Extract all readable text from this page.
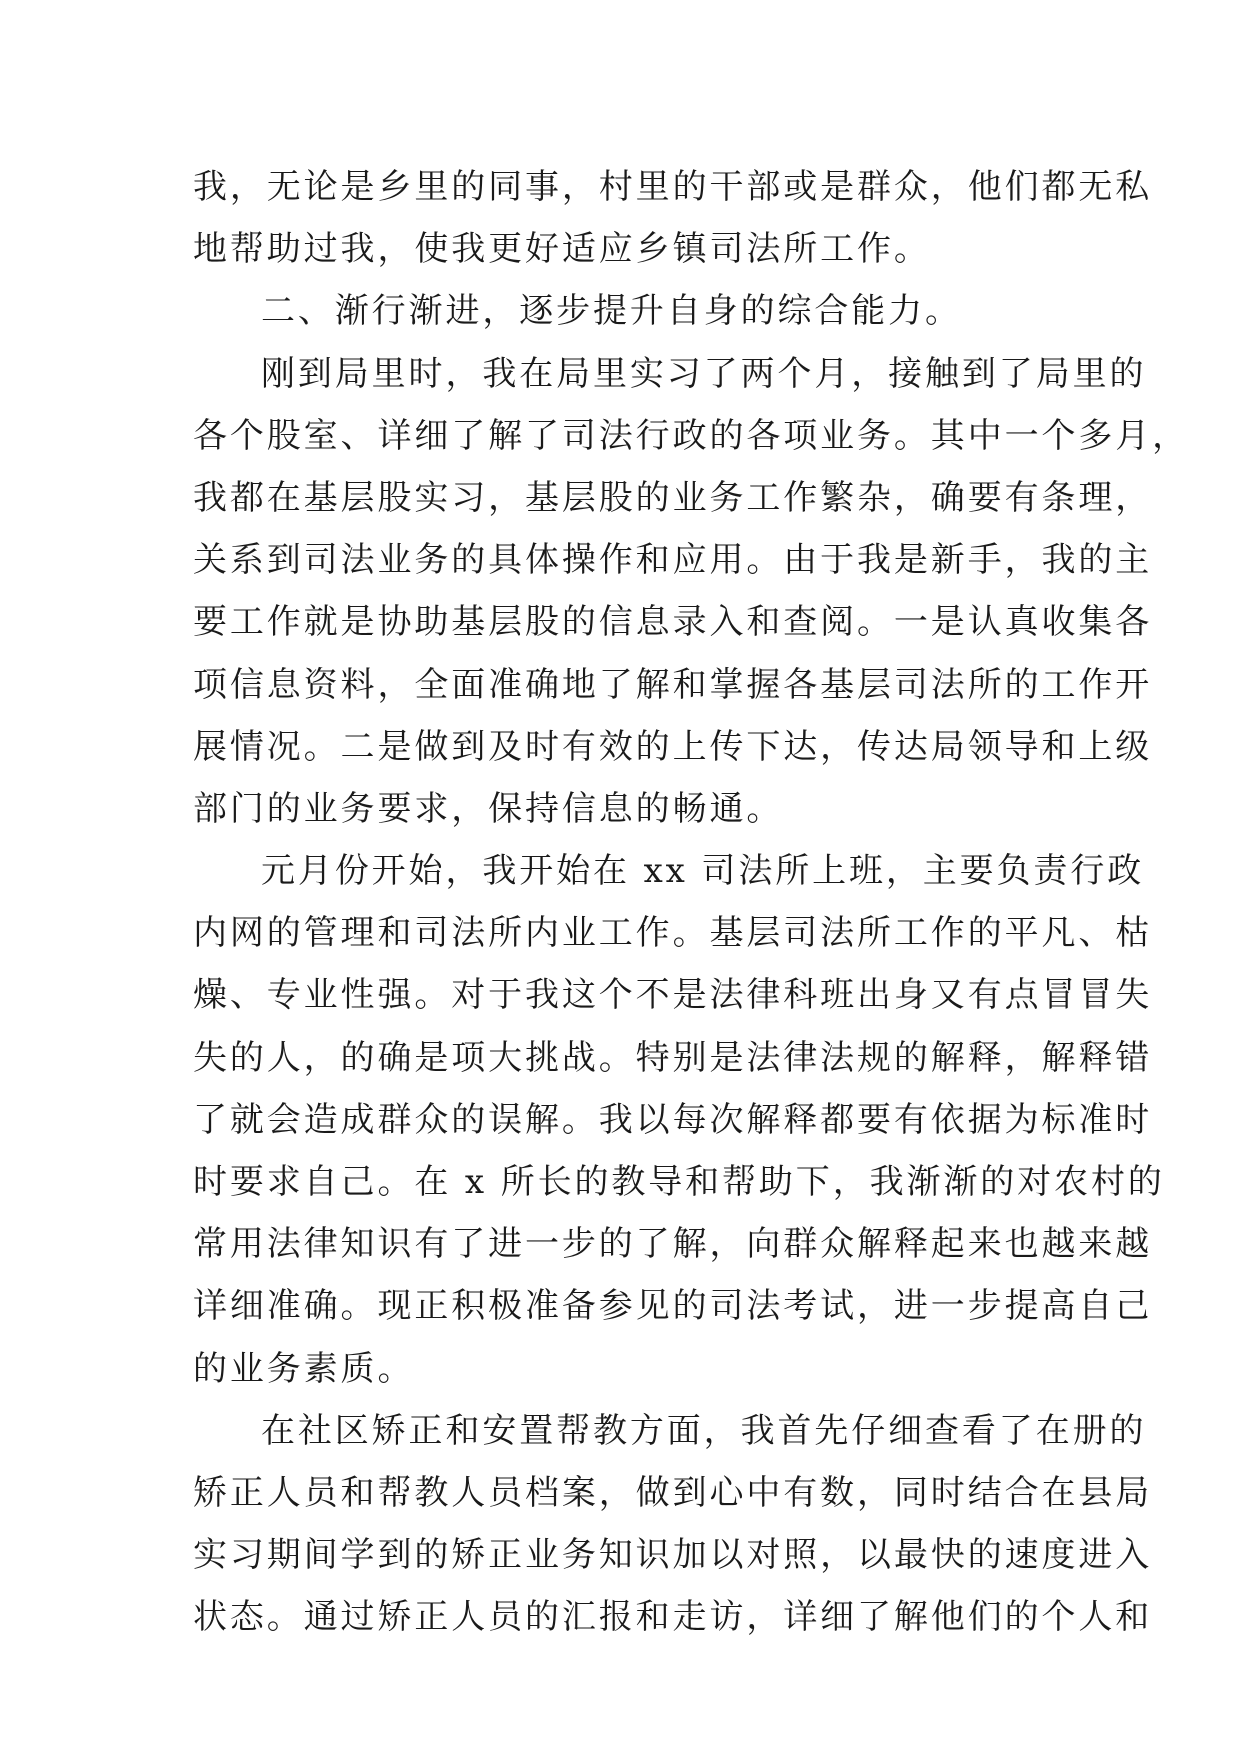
我，无论是乡里的同事，村里的干部或是群众，他们都无私
地帮助过我，使我更好适应乡镇司法所工作。
二、渐行渐进，逐步提升自身的综合能力。
刚到局里时，我在局里实习了两个月，接触到了局里的
各个股室、详细了解了司法行政的各项业务。其中一个多月，
我都在基层股实习，基层股的业务工作繁杂，确要有条理，
关系到司法业务的具体操作和应用。由于我是新手，我的主
要工作就是协助基层股的信息录入和查阅。一是认真收集各
项信息资料，全面准确地了解和掌握各基层司法所的工作开
展情况。二是做到及时有效的上传下达，传达局领导和上级
部门的业务要求，保持信息的畅通。
元月份开始，我开始在 xx 司法所上班，主要负责行政
内网的管理和司法所内业工作。基层司法所工作的平凡、枯
燥、专业性强。对于我这个不是法律科班出身又有点冒冒失
失的人，的确是项大挑战。特别是法律法规的解释，解释错
了就会造成群众的误解。我以每次解释都要有依据为标准时
时要求自己。在 x 所长的教导和帮助下，我渐渐的对农村的
常用法律知识有了进一步的了解，向群众解释起来也越来越
详细准确。现正积极准备参见的司法考试，进一步提高自己
的业务素质。
在社区矫正和安置帮教方面，我首先仔细查看了在册的
矫正人员和帮教人员档案，做到心中有数，同时结合在县局
实习期间学到的矫正业务知识加以对照，以最快的速度进入
状态。通过矫正人员的汇报和走访，详细了解他们的个人和
